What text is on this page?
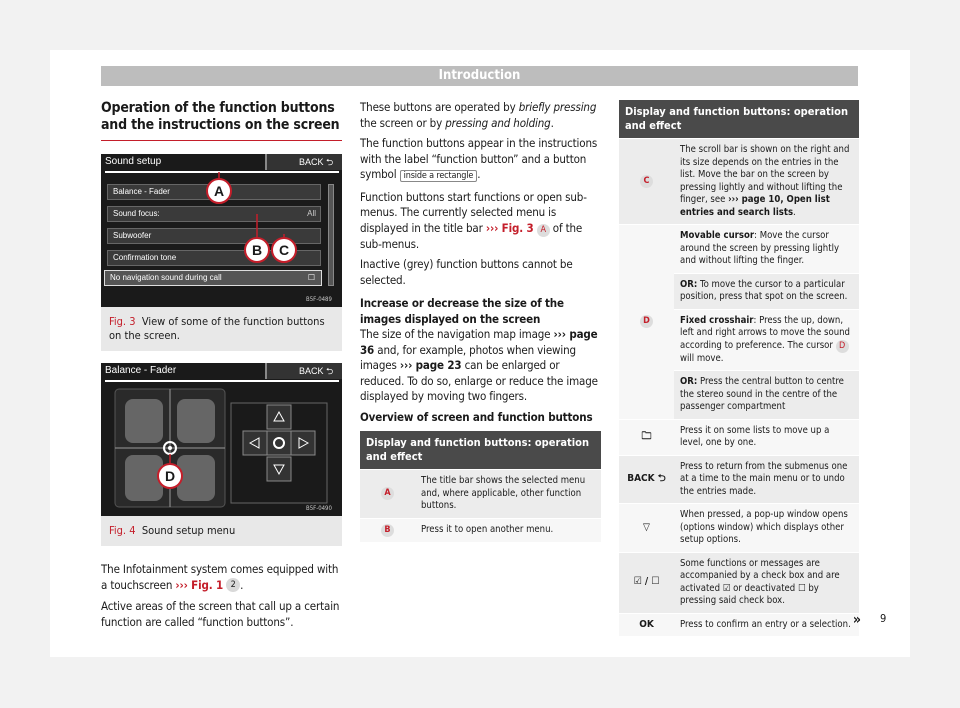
Introduction
Operation of the function buttons and the instructions on the screen
Sound setup	BACK ⮌
Balance - Fader
Sound focus:	All
Subwoofer
Confirmation tone
No navigation sound during call	☐
B5F-0489
A
B	C
Fig. 3 View of some of the function buttons on the screen.
Balance - Fader	BACK ⮌
D
B5F-0490
Fig. 4 Sound setup menu

The Infotainment system comes equipped with a touchscreen ››› Fig. 1 2 .

Active areas of the screen that call up a certain function are called “function buttons”.

These buttons are operated by briefly pressing the screen or by pressing and holding.

The function buttons appear in the instructions with the label “function button” and a button symbol inside a rectangle .

Function buttons start functions or open sub-menus. The currently selected menu is displayed in the title bar ››› Fig. 3 A of the sub-menus.

Inactive (grey) function buttons cannot be selected.

Increase or decrease the size of the images displayed on the screen

The size of the navigation map image ››› page 36 and, for example, photos when viewing images ››› page 23 can be enlarged or reduced. To do so, enlarge or reduce the image displayed by moving two fingers.

Overview of screen and function buttons

Display and function buttons: operation and effect	
A	The title bar shows the selected menu and, where applicable, other function buttons.
B	Press it to open another menu.
Display and function buttons: operation and effect	
C	The scroll bar is shown on the right and its size depends on the entries in the list. Move the bar on the screen by pressing lightly and without lifting the finger, see ››› page 10, Open list entries and search lists.
D	Movable cursor: Move the cursor around the screen by pressing lightly and without lifting the finger.
	OR: To move the cursor to a particular position, press that spot on the screen.
	Fixed crosshair: Press the up, down, left and right arrows to move the sound according to preference. The cursor D will move.
	OR: Press the central button to centre the stereo sound in the centre of the passenger compartment
🗀	Press it on some lists to move up a level, one by one.
BACK ⮌	Press to return from the submenus one at a time to the main menu or to undo the entries made.
▽	When pressed, a pop-up window opens (options window) which displays other setup options.
☑ / ☐	Some functions or messages are accompanied by a check box and are activated ☑ or deactivated ☐ by pressing said check box.
OK	Press to confirm an entry or a selection. » 9
